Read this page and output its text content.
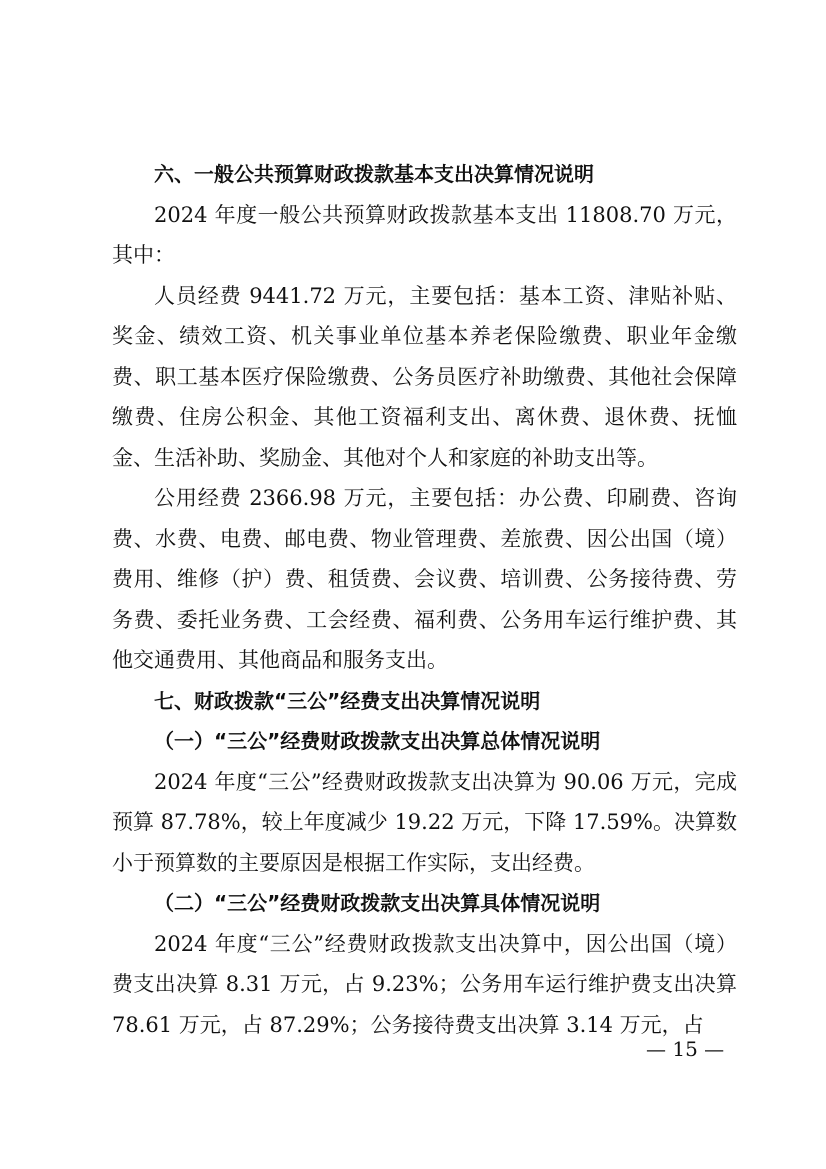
六、一般公共预算财政拨款基本支出决算情况说明

2024 年度一般公共预算财政拨款基本支出 11808.70 万元，其中：

人员经费 9441.72 万元，主要包括：基本工资、津贴补贴、奖金、绩效工资、机关事业单位基本养老保险缴费、职业年金缴费、职工基本医疗保险缴费、公务员医疗补助缴费、其他社会保障缴费、住房公积金、其他工资福利支出、离休费、退休费、抚恤金、生活补助、奖励金、其他对个人和家庭的补助支出等。

公用经费 2366.98 万元，主要包括：办公费、印刷费、咨询费、水费、电费、邮电费、物业管理费、差旅费、因公出国（境）费用、维修（护）费、租赁费、会议费、培训费、公务接待费、劳务费、委托业务费、工会经费、福利费、公务用车运行维护费、其他交通费用、其他商品和服务支出。

七、财政拨款“三公”经费支出决算情况说明

（一）“三公”经费财政拨款支出决算总体情况说明

2024 年度“三公”经费财政拨款支出决算为 90.06 万元，完成预算 87.78%，较上年度减少 19.22 万元，下降 17.59%。决算数小于预算数的主要原因是根据工作实际，支出经费。

（二）“三公”经费财政拨款支出决算具体情况说明

2024 年度“三公”经费财政拨款支出决算中，因公出国（境）费支出决算 8.31 万元，占 9.23%；公务用车运行维护费支出决算 78.61 万元，占 87.29%；公务接待费支出决算 3.14 万元，占

— 15 —
